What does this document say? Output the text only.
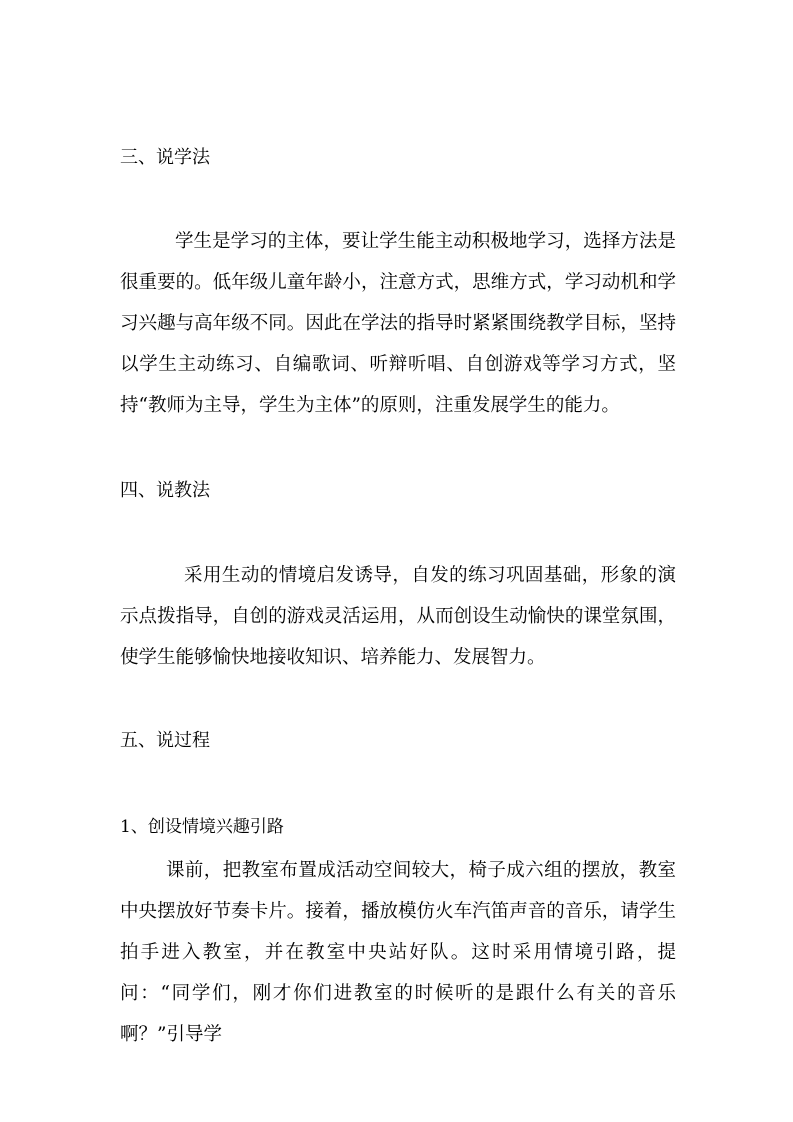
三、说学法
学生是学习的主体，要让学生能主动积极地学习，选择方法是很重要的。低年级儿童年龄小，注意方式，思维方式，学习动机和学习兴趣与高年级不同。因此在学法的指导时紧紧围绕教学目标，坚持以学生主动练习、自编歌词、听辩听唱、自创游戏等学习方式，坚持“教师为主导，学生为主体”的原则，注重发展学生的能力。
四、说教法
采用生动的情境启发诱导，自发的练习巩固基础，形象的演示点拨指导，自创的游戏灵活运用，从而创设生动愉快的课堂氛围，使学生能够愉快地接收知识、培养能力、发展智力。
五、说过程
1、创设情境兴趣引路
课前，把教室布置成活动空间较大，椅子成六组的摆放，教室中央摆放好节奏卡片。接着，播放模仿火车汽笛声音的音乐，请学生拍手进入教室，并在教室中央站好队。这时采用情境引路，提问：“同学们，刚才你们进教室的时候听的是跟什么有关的音乐啊？”引导学
